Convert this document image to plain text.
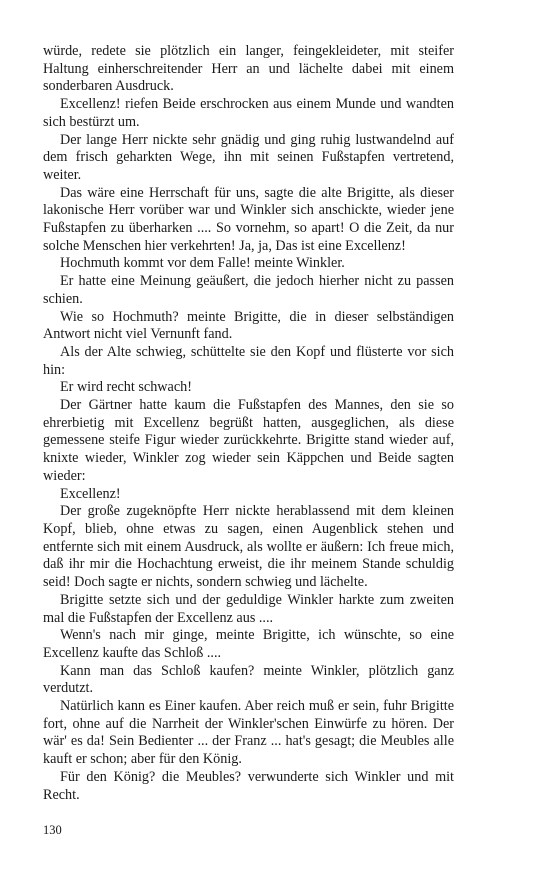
würde, redete sie plötzlich ein langer, feingekleideter, mit steifer Haltung einherschreitender Herr an und lächelte dabei mit einem sonderbaren Ausdruck.

Excellenz! riefen Beide erschrocken aus einem Munde und wandten sich bestürzt um.

Der lange Herr nickte sehr gnädig und ging ruhig lustwandelnd auf dem frisch geharkten Wege, ihn mit seinen Fußstapfen vertretend, weiter.

Das wäre eine Herrschaft für uns, sagte die alte Brigitte, als dieser lakonische Herr vorüber war und Winkler sich anschickte, wieder jene Fußstapfen zu überharken .... So vornehm, so apart! O die Zeit, da nur solche Menschen hier verkehrten! Ja, ja, Das ist eine Excellenz!

Hochmuth kommt vor dem Falle! meinte Winkler.

Er hatte eine Meinung geäußert, die jedoch hierher nicht zu passen schien.

Wie so Hochmuth? meinte Brigitte, die in dieser selbständigen Antwort nicht viel Vernunft fand.

Als der Alte schwieg, schüttelte sie den Kopf und flüsterte vor sich hin:

Er wird recht schwach!

Der Gärtner hatte kaum die Fußstapfen des Mannes, den sie so ehrerbietig mit Excellenz begrüßt hatten, ausgeglichen, als diese gemessene steife Figur wieder zurückkehrte. Brigitte stand wieder auf, knixte wieder, Winkler zog wieder sein Käppchen und Beide sagten wieder:

Excellenz!

Der große zugeknöpfte Herr nickte herablassend mit dem kleinen Kopf, blieb, ohne etwas zu sagen, einen Augenblick stehen und entfernte sich mit einem Ausdruck, als wollte er äußern: Ich freue mich, daß ihr mir die Hochachtung erweist, die ihr meinem Stande schuldig seid! Doch sagte er nichts, sondern schwieg und lächelte.

Brigitte setzte sich und der geduldige Winkler harkte zum zweiten mal die Fußstapfen der Excellenz aus ....

Wenn's nach mir ginge, meinte Brigitte, ich wünschte, so eine Excellenz kaufte das Schloß ....

Kann man das Schloß kaufen? meinte Winkler, plötzlich ganz verdutzt.

Natürlich kann es Einer kaufen. Aber reich muß er sein, fuhr Brigitte fort, ohne auf die Narrheit der Winkler'schen Einwürfe zu hören. Der wär' es da! Sein Bedienter ... der Franz ... hat's gesagt; die Meubles alle kauft er schon; aber für den König.

Für den König? die Meubles? verwunderte sich Winkler und mit Recht.

130
